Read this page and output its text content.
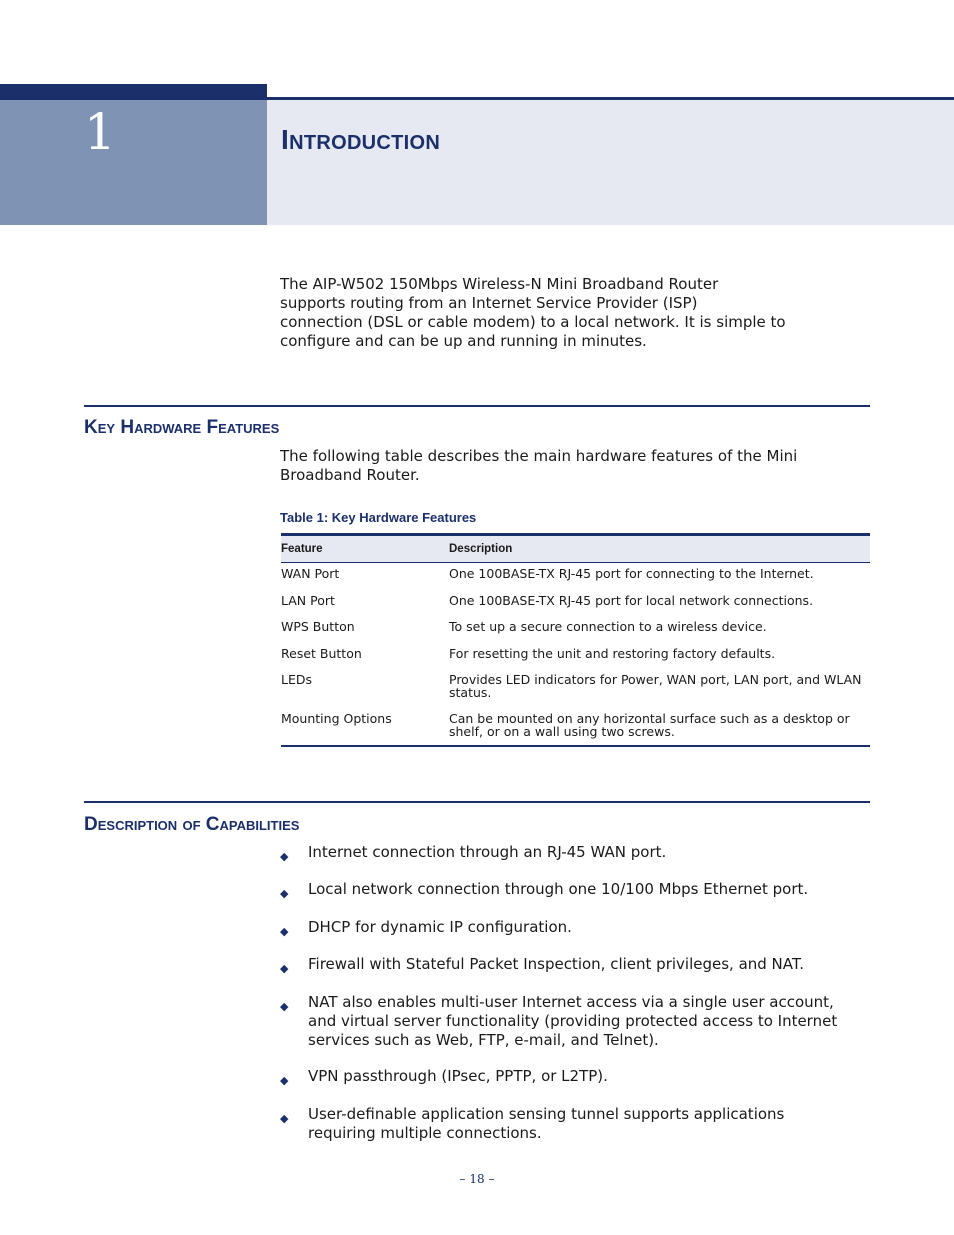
1	Introduction
The AIP-W502 150Mbps Wireless-N Mini Broadband Router
supports routing from an Internet Service Provider (ISP)
connection (DSL or cable modem) to a local network. It is simple to
configure and can be up and running in minutes.
Key Hardware Features
The following table describes the main hardware features of the Mini
Broadband Router.
Table 1: Key Hardware Features
Feature	Description
WAN Port	One 100BASE-TX RJ-45 port for connecting to the Internet.
LAN Port	One 100BASE-TX RJ-45 port for local network connections.
WPS Button	To set up a secure connection to a wireless device.
Reset Button	For resetting the unit and restoring factory defaults.
LEDs	Provides LED indicators for Power, WAN port, LAN port, and WLAN
status.
Mounting Options	Can be mounted on any horizontal surface such as a desktop or
shelf, or on a wall using two screws.
Description of Capabilities
◆ Internet connection through an RJ-45 WAN port.
◆ Local network connection through one 10/100 Mbps Ethernet port.
◆ DHCP for dynamic IP configuration.
◆ Firewall with Stateful Packet Inspection, client privileges, and NAT.
◆ NAT also enables multi-user Internet access via a single user account,
and virtual server functionality (providing protected access to Internet
services such as Web, FTP, e-mail, and Telnet).
◆ VPN passthrough (IPsec, PPTP, or L2TP).
◆ User-definable application sensing tunnel supports applications
requiring multiple connections.
– 18 –
